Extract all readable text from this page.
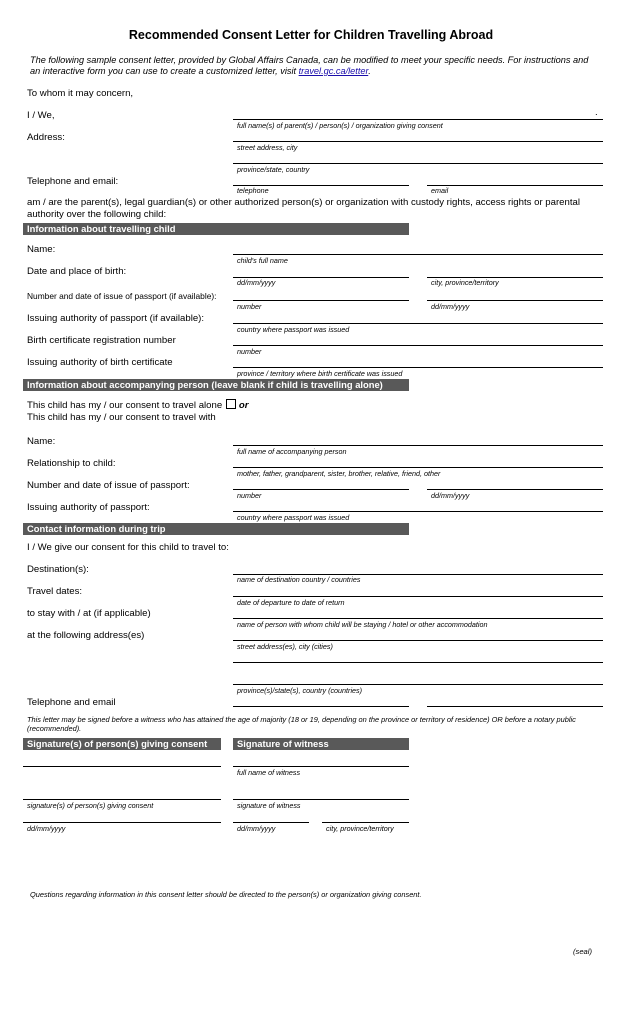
Recommended Consent Letter for Children Travelling Abroad
The following sample consent letter, provided by Global Affairs Canada, can be modified to meet your specific needs. For instructions and an interactive form you can use to create a customized letter, visit travel.gc.ca/letter.
To whom it may concern,
I / We,	.
full name(s) of parent(s) / person(s) / organization giving consent
Address:
street address, city
province/state, country
Telephone and email:
telephone	email
am / are the parent(s), legal guardian(s) or other authorized person(s) or organization with custody rights, access rights or parental authority over the following child:
Information about travelling child
Name:
child's full name
Date and place of birth:
dd/mm/yyyy	city, province/territory
Number and date of issue of passport (if available):
number	dd/mm/yyyy
Issuing authority of passport (if available):
country where passport was issued
Birth certificate registration number
number
Issuing authority of birth certificate
province / territory where birth certificate was issued
Information about accompanying person (leave blank if child is travelling alone)
This child has my / our consent to travel alone or
This child has my / our consent to travel with
Name:
full name of accompanying person
Relationship to child:
mother, father, grandparent, sister, brother, relative, friend, other
Number and date of issue of passport:
number	dd/mm/yyyy
Issuing authority of passport:
country where passport was issued
Contact information during trip
I / We give our consent for this child to travel to:
Destination(s):
name of destination country / countries
Travel dates:
date of departure to date of return
to stay with / at (if applicable)
name of person with whom child will be staying / hotel or other accommodation
at the following address(es)
street address(es), city (cities)
province(s)/state(s), country (countries)
Telephone and email
This letter may be signed before a witness who has attained the age of majority (18 or 19, depending on the province or territory of residence) OR before a notary public (recommended).
Signature(s) of person(s) giving consent	Signature of witness
full name of witness
signature(s) of person(s) giving consent	signature of witness
dd/mm/yyyy	dd/mm/yyyy	city, province/territory
Questions regarding information in this consent letter should be directed to the person(s) or organization giving consent.
(seal)
